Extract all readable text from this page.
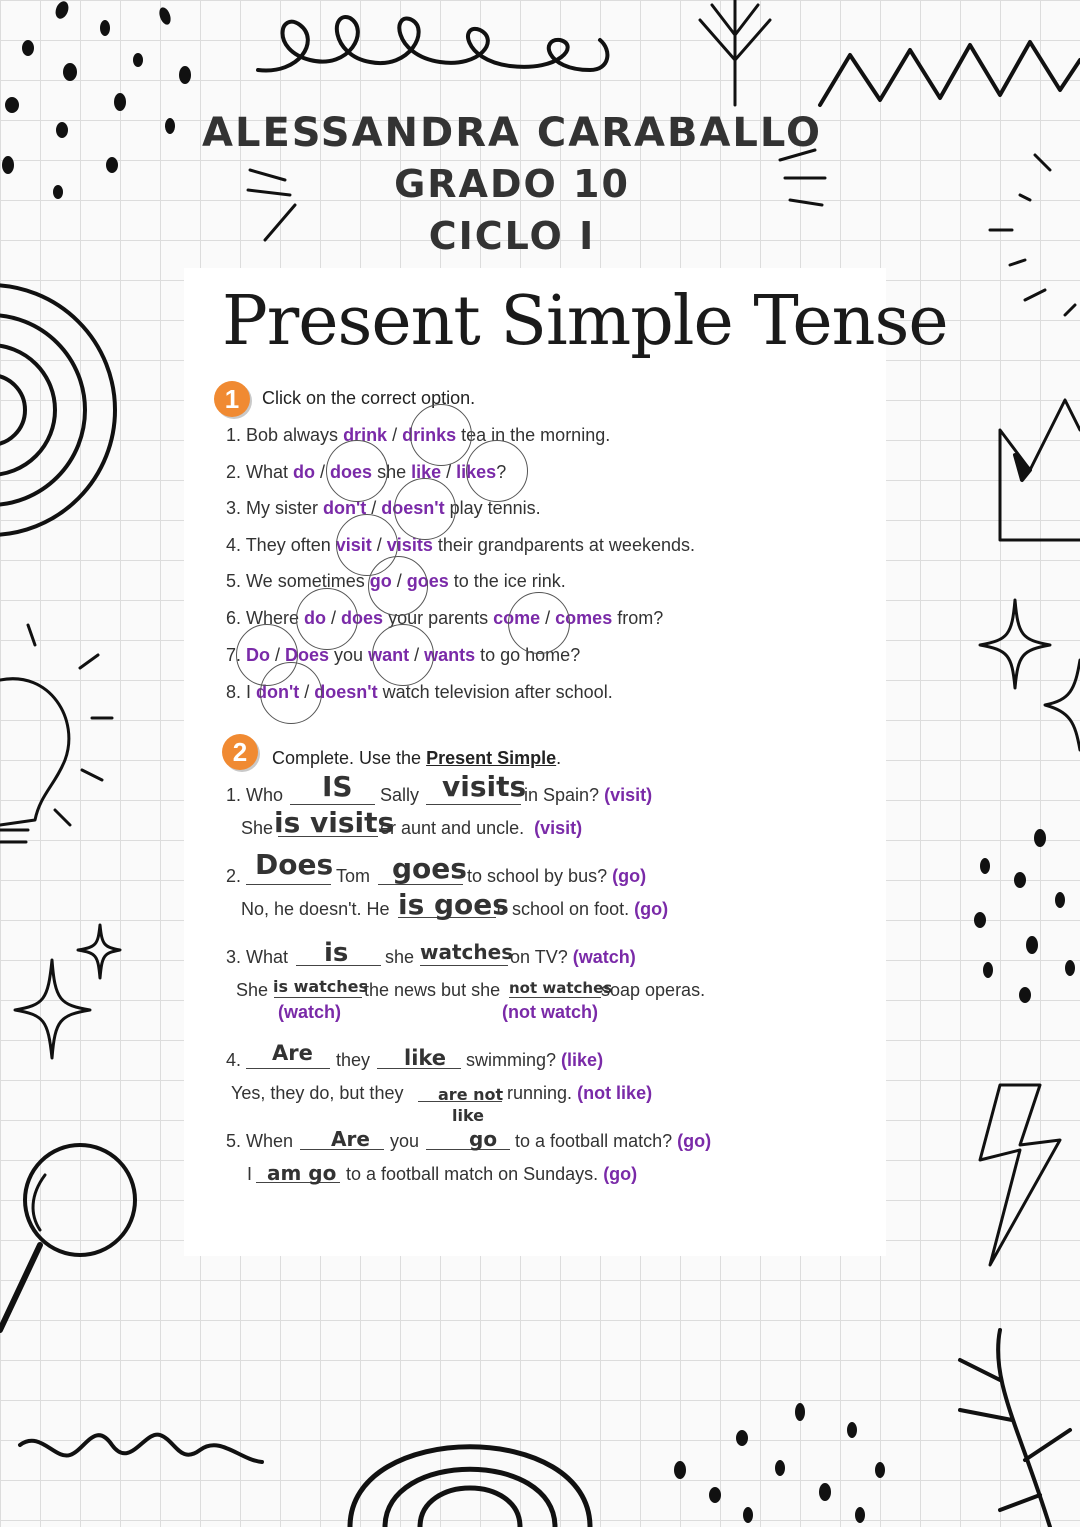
ALESSANDRA CARABALLO
GRADO 10
CICLO I
Present Simple Tense
1	Click on the correct option.
1. Bob always drink / drinks tea in the morning.
2. What do / does she like / likes?
3. My sister don't / doesn't play tennis.
4. They often visit / visits their grandparents at weekends.
5. We sometimes go / goes to the ice rink.
6. Where do / does your parents come / comes from?
7. Do / Does you want / wants to go home?
8. I don't / doesn't watch television after school.
2	Complete. Use the Present Simple.
1. Who IS Sally visits
in Spain? (visit)
She is visits
er aunt and uncle. (visit)
2. Does Tom goes to school by bus? (go)
No, he doesn't. He is goes
o school on foot. (go)
3. What is she watches
on TV? (watch)
She is watches
the news but she not watches
soap operas.
(watch)	(not watch)
4. Are they like swimming? (like)
Yes, they do, but they are not
like
running. (not like)
5. When Are you go to a football match? (go)
I am go to a football match on Sundays. (go)
